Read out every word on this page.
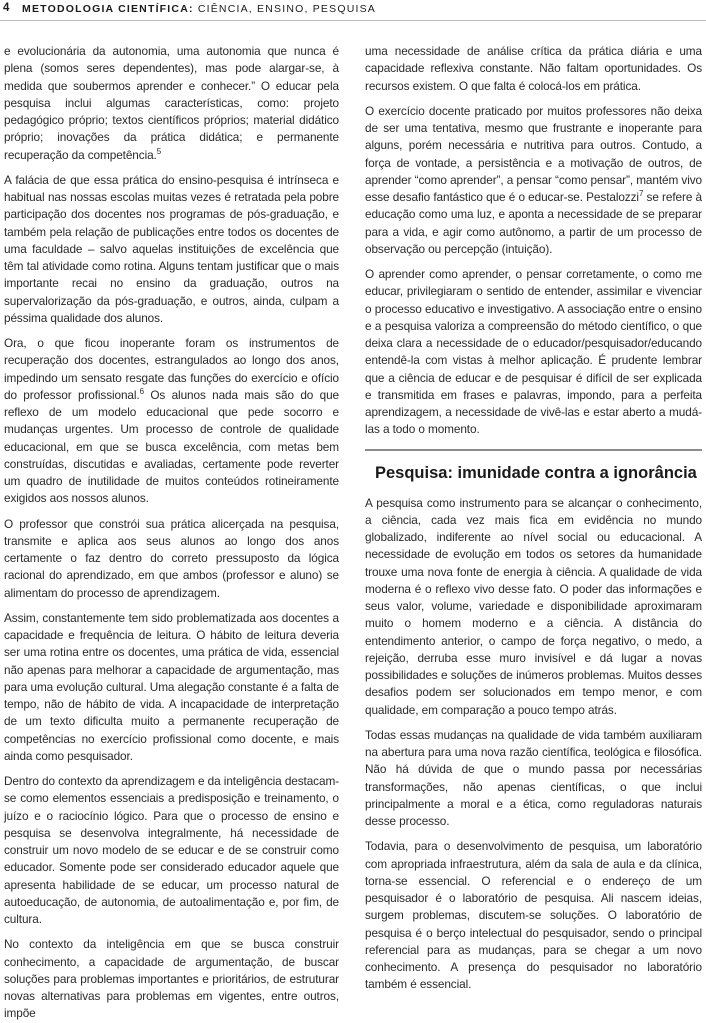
4 METODOLOGIA CIENTÍFICA: CIÊNCIA, ENSINO, PESQUISA

e evolucionária da autonomia, uma autonomia que nunca é plena (somos seres dependentes), mas pode alargar-se, à medida que soubermos aprender e conhecer.” O educar pela pesquisa inclui algumas características, como: projeto pedagógico próprio; textos científicos próprios; material didático próprio; inovações da prática didática; e permanente recuperação da competência.$^5$

A falácia de que essa prática do ensino-pesquisa é intrínseca e habitual nas nossas escolas muitas vezes é retratada pela pobre participação dos docentes nos programas de pós-graduação, e também pela relação de publicações entre todos os docentes de uma faculdade – salvo aquelas instituições de excelência que têm tal atividade como rotina. Alguns tentam justificar que o mais importante recai no ensino da graduação, outros na supervalorização da pós-graduação, e outros, ainda, culpam a péssima qualidade dos alunos.

Ora, o que ficou inoperante foram os instrumentos de recuperação dos docentes, estrangulados ao longo dos anos, impedindo um sensato resgate das funções do exercício e ofício do professor profissional.$^6$ Os alunos nada mais são do que reflexo de um modelo educacional que pede socorro e mudanças urgentes. Um processo de controle de qualidade educacional, em que se busca excelência, com metas bem construídas, discutidas e avaliadas, certamente pode reverter um quadro de inutilidade de muitos conteúdos rotineiramente exigidos aos nossos alunos.

O professor que constrói sua prática alicerçada na pesquisa, transmite e aplica aos seus alunos ao longo dos anos certamente o faz dentro do correto pressuposto da lógica racional do aprendizado, em que ambos (professor e aluno) se alimentam do processo de aprendizagem.

Assim, constantemente tem sido problematizada aos docentes a capacidade e frequência de leitura. O hábito de leitura deveria ser uma rotina entre os docentes, uma prática de vida, essencial não apenas para melhorar a capacidade de argumentação, mas para uma evolução cultural. Uma alegação constante é a falta de tempo, não de hábito de vida. A incapacidade de interpretação de um texto dificulta muito a permanente recuperação de competências no exercício profissional como docente, e mais ainda como pesquisador.

Dentro do contexto da aprendizagem e da inteligência destacam-se como elementos essenciais a predisposição e treinamento, o juízo e o raciocínio lógico. Para que o processo de ensino e pesquisa se desenvolva integralmente, há necessidade de construir um novo modelo de se educar e de se construir como educador. Somente pode ser considerado educador aquele que apresenta habilidade de se educar, um processo natural de autoeducação, de autonomia, de autoalimentação e, por fim, de cultura.

No contexto da inteligência em que se busca construir conhecimento, a capacidade de argumentação, de buscar soluções para problemas importantes e prioritários, de estruturar novas alternativas para problemas em vigentes, entre outros, impõe

uma necessidade de análise crítica da prática diária e uma capacidade reflexiva constante. Não faltam oportunidades. Os recursos existem. O que falta é colocá-los em prática.

O exercício docente praticado por muitos professores não deixa de ser uma tentativa, mesmo que frustrante e inoperante para alguns, porém necessária e nutritiva para outros. Contudo, a força de vontade, a persistência e a motivação de outros, de aprender “como aprender”, a pensar “como pensar”, mantém vivo esse desafio fantástico que é o educar-se. Pestalozzi$^7$ se refere à educação como uma luz, e aponta a necessidade de se preparar para a vida, e agir como autônomo, a partir de um processo de observação ou percepção (intuição).

O aprender como aprender, o pensar corretamente, o como me educar, privilegiaram o sentido de entender, assimilar e vivenciar o processo educativo e investigativo. A associação entre o ensino e a pesquisa valoriza a compreensão do método científico, o que deixa clara a necessidade de o educador/pesquisador/educando entendê-la com vistas à melhor aplicação. É prudente lembrar que a ciência de educar e de pesquisar é difícil de ser explicada e transmitida em frases e palavras, impondo, para a perfeita aprendizagem, a necessidade de vivê-las e estar aberto a mudá-las a todo o momento.

Pesquisa: imunidade contra a ignorância

A pesquisa como instrumento para se alcançar o conhecimento, a ciência, cada vez mais fica em evidência no mundo globalizado, indiferente ao nível social ou educacional. A necessidade de evolução em todos os setores da humanidade trouxe uma nova fonte de energia à ciência. A qualidade de vida moderna é o reflexo vivo desse fato. O poder das informações e seus valor, volume, variedade e disponibilidade aproximaram muito o homem moderno e a ciência. A distância do entendimento anterior, o campo de força negativo, o medo, a rejeição, derruba esse muro invisível e dá lugar a novas possibilidades e soluções de inúmeros problemas. Muitos desses desafios podem ser solucionados em tempo menor, e com qualidade, em comparação a pouco tempo atrás.

Todas essas mudanças na qualidade de vida também auxiliaram na abertura para uma nova razão científica, teológica e filosófica. Não há dúvida de que o mundo passa por necessárias transformações, não apenas científicas, o que inclui principalmente a moral e a ética, como reguladoras naturais desse processo.

Todavia, para o desenvolvimento de pesquisa, um laboratório com apropriada infraestrutura, além da sala de aula e da clínica, torna-se essencial. O referencial e o endereço de um pesquisador é o laboratório de pesquisa. Ali nascem ideias, surgem problemas, discutem-se soluções. O laboratório de pesquisa é o berço intelectual do pesquisador, sendo o principal referencial para as mudanças, para se chegar a um novo conhecimento. A presença do pesquisador no laboratório também é essencial.
